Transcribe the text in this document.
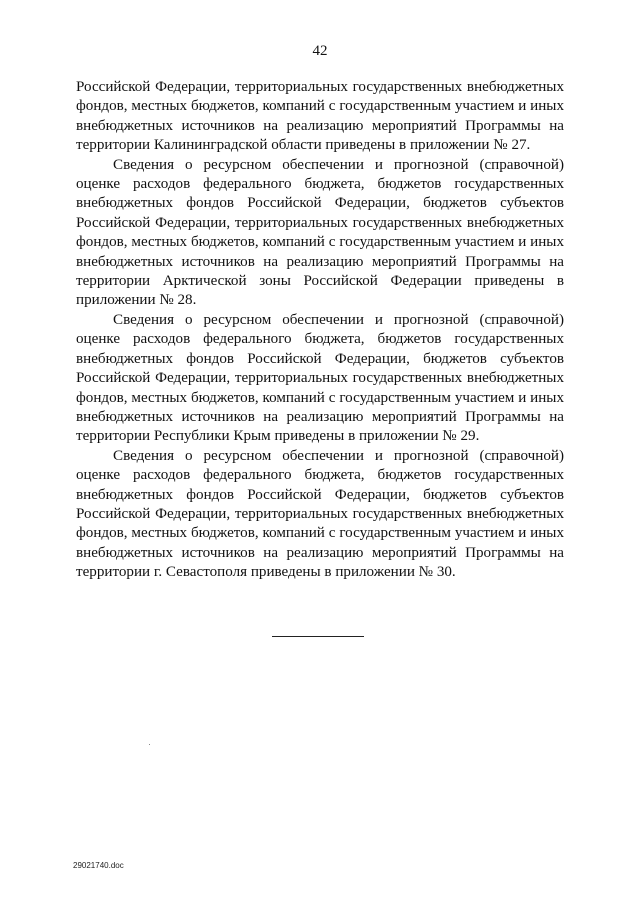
42

Российской Федерации, территориальных государственных внебюджетных фондов, местных бюджетов, компаний с государственным участием и иных внебюджетных источников на реализацию мероприятий Программы на территории Калининградской области приведены в приложении № 27.

Сведения о ресурсном обеспечении и прогнозной (справочной) оценке расходов федерального бюджета, бюджетов государственных внебюджетных фондов Российской Федерации, бюджетов субъектов Российской Федерации, территориальных государственных внебюджетных фондов, местных бюджетов, компаний с государственным участием и иных внебюджетных источников на реализацию мероприятий Программы на территории Арктической зоны Российской Федерации приведены в приложении № 28.

Сведения о ресурсном обеспечении и прогнозной (справочной) оценке расходов федерального бюджета, бюджетов государственных внебюджетных фондов Российской Федерации, бюджетов субъектов Российской Федерации, территориальных государственных внебюджетных фондов, местных бюджетов, компаний с государственным участием и иных внебюджетных источников на реализацию мероприятий Программы на территории Республики Крым приведены в приложении № 29.

Сведения о ресурсном обеспечении и прогнозной (справочной) оценке расходов федерального бюджета, бюджетов государственных внебюджетных фондов Российской Федерации, бюджетов субъектов Российской Федерации, территориальных государственных внебюджетных фондов, местных бюджетов, компаний с государственным участием и иных внебюджетных источников на реализацию мероприятий Программы на территории г. Севастополя приведены в приложении № 30.

29021740.doc
